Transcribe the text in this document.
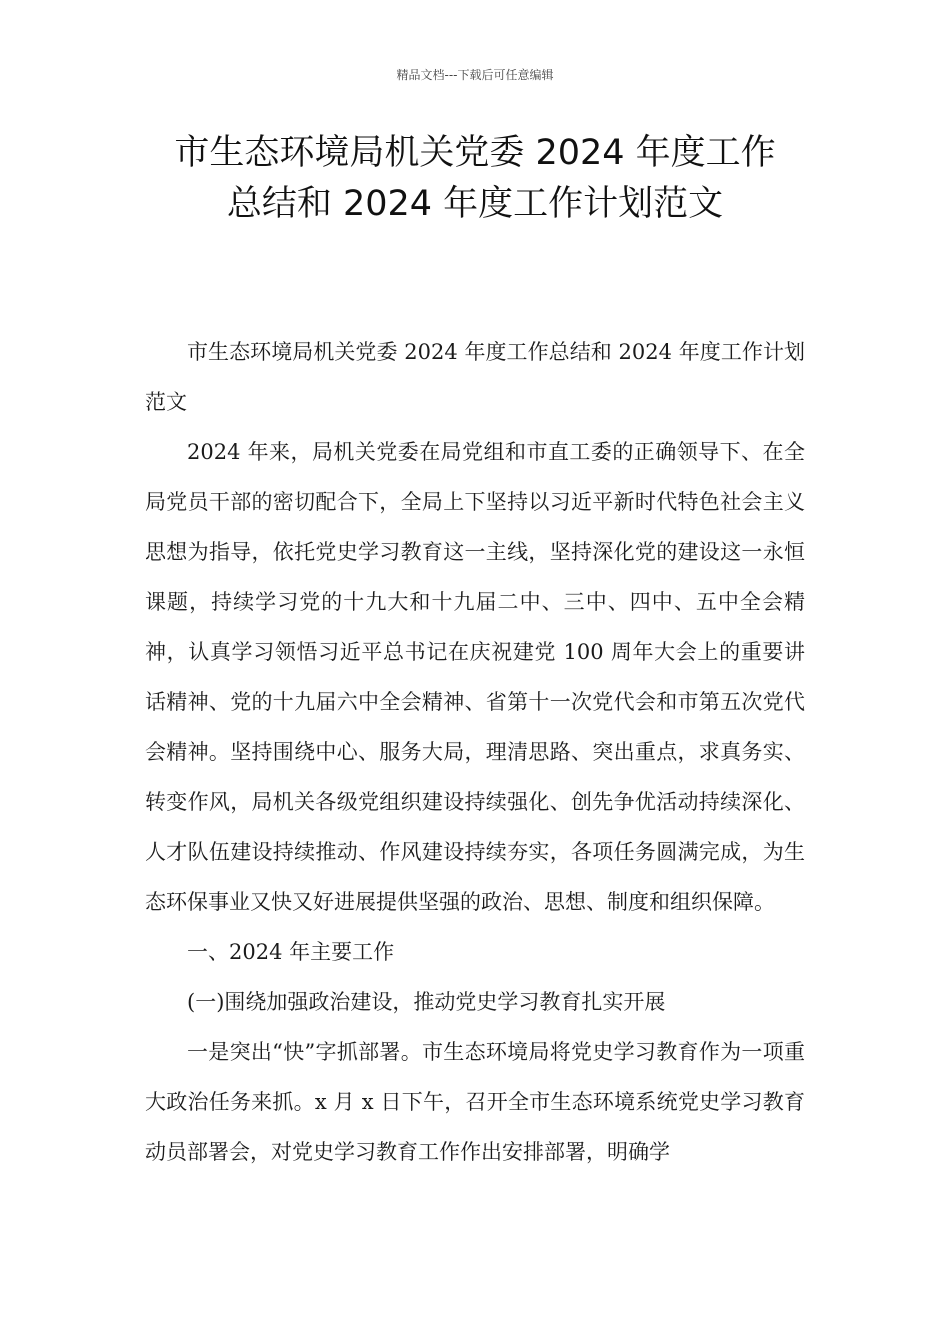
精品文档---下载后可任意编辑
市生态环境局机关党委 2024 年度工作
总结和 2024 年度工作计划范文

市生态环境局机关党委 2024 年度工作总结和 2024 年度工作计划范文

2024 年来，局机关党委在局党组和市直工委的正确领导下、在全局党员干部的密切配合下，全局上下坚持以习近平新时代特色社会主义思想为指导，依托党史学习教育这一主线，坚持深化党的建设这一永恒课题，持续学习党的十九大和十九届二中、三中、四中、五中全会精神，认真学习领悟习近平总书记在庆祝建党 100 周年大会上的重要讲话精神、党的十九届六中全会精神、省第十一次党代会和市第五次党代会精神。坚持围绕中心、服务大局，理清思路、突出重点，求真务实、转变作风，局机关各级党组织建设持续强化、创先争优活动持续深化、人才队伍建设持续推动、作风建设持续夯实，各项任务圆满完成，为生态环保事业又快又好进展提供坚强的政治、思想、制度和组织保障。

一、2024 年主要工作

(一)围绕加强政治建设，推动党史学习教育扎实开展

一是突出“快”字抓部署。市生态环境局将党史学习教育作为一项重大政治任务来抓。x 月 x 日下午，召开全市生态环境系统党史学习教育动员部署会，对党史学习教育工作作出安排部署，明确学
